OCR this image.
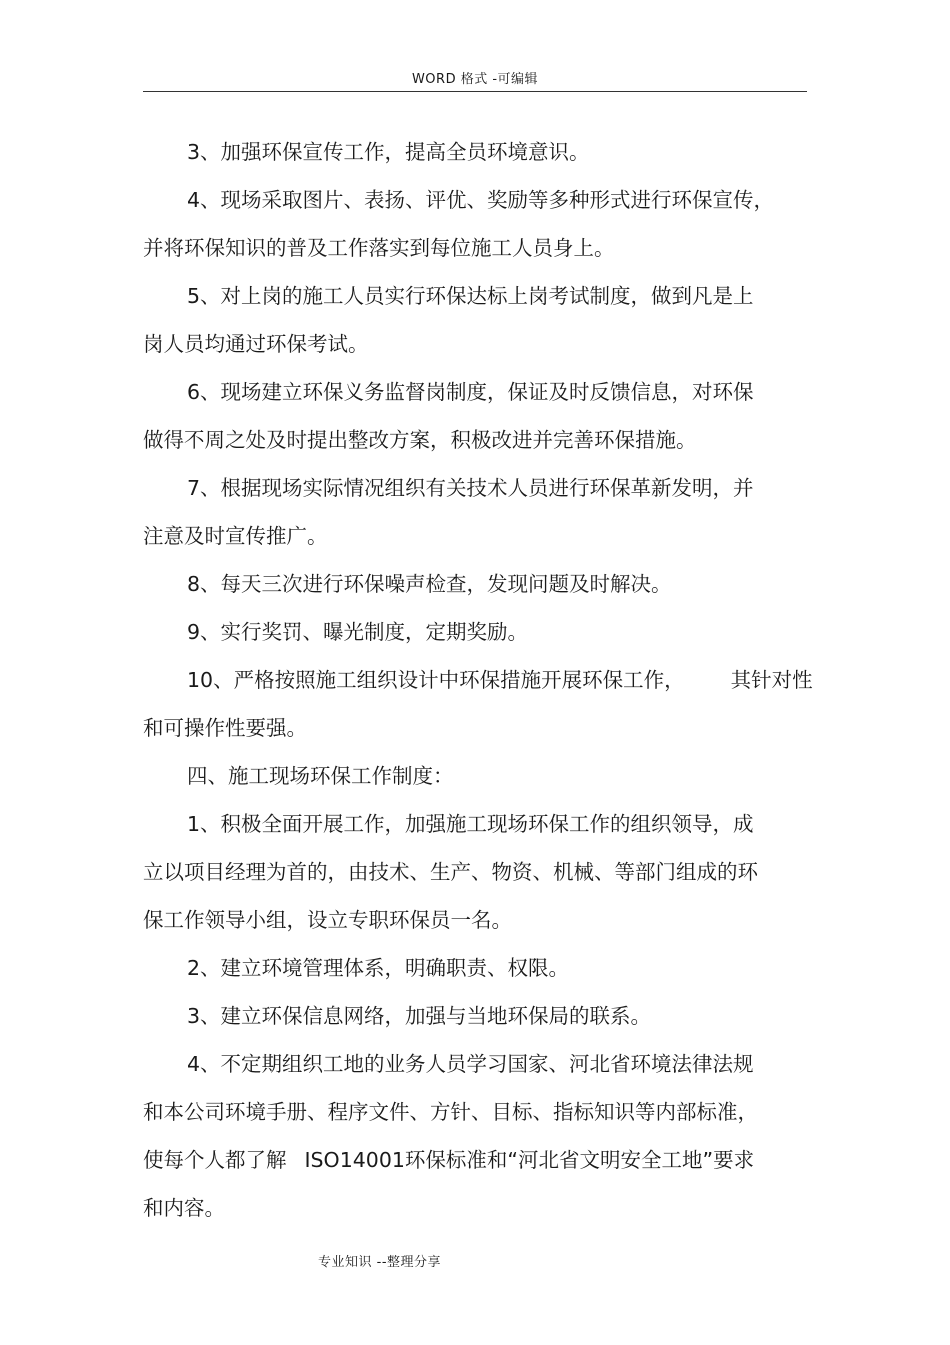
WORD 格式 -可编辑
3、加强环保宣传工作，提高全员环境意识。
4、现场采取图片、表扬、评优、奖励等多种形式进行环保宣传，
并将环保知识的普及工作落实到每位施工人员身上。
5、对上岗的施工人员实行环保达标上岗考试制度，做到凡是上
岗人员均通过环保考试。
6、现场建立环保义务监督岗制度，保证及时反馈信息，对环保
做得不周之处及时提出整改方案，积极改进并完善环保措施。
7、根据现场实际情况组织有关技术人员进行环保革新发明，并
注意及时宣传推广。
8、每天三次进行环保噪声检查，发现问题及时解决。
9、实行奖罚、曝光制度，定期奖励。
10、严格按照施工组织设计中环保措施开展环保工作， 其针对性
和可操作性要强。
四、施工现场环保工作制度：
1、积极全面开展工作，加强施工现场环保工作的组织领导，成
立以项目经理为首的，由技术、生产、物资、机械、等部门组成的环
保工作领导小组，设立专职环保员一名。
2、建立环境管理体系，明确职责、权限。
3、建立环保信息网络，加强与当地环保局的联系。
4、不定期组织工地的业务人员学习国家、河北省环境法律法规
和本公司环境手册、程序文件、方针、目标、指标知识等内部标准，
使每个人都了解 ISO14001环保标准和“河北省文明安全工地”要求
和内容。
专业知识 --整理分享
